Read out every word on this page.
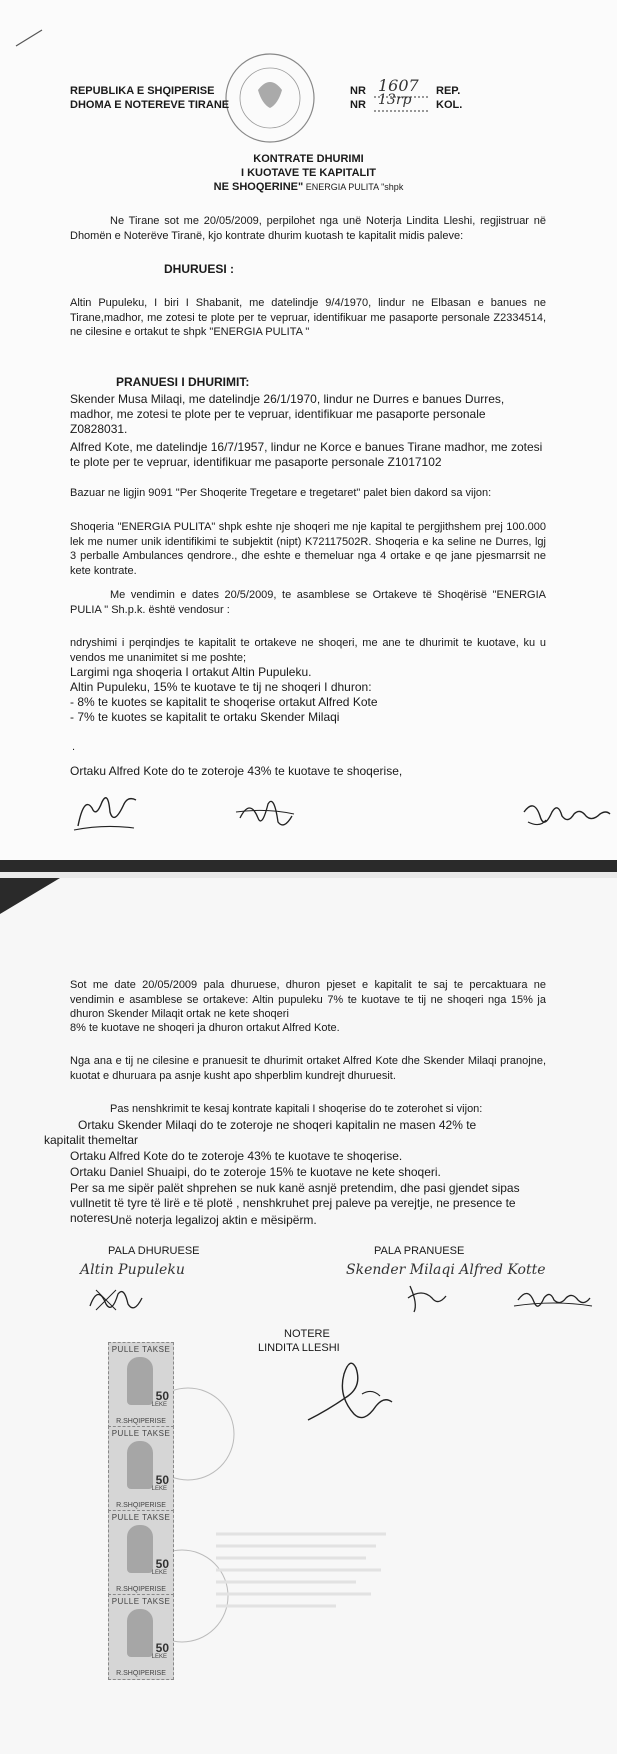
REPUBLIKA E SHQIPERISE
DHOMA E NOTEREVE TIRANE
NR 1607 REP.
NR 13rp KOL.
KONTRATE DHURIMI
I KUOTAVE TE KAPITALIT
NE SHOQERINE" ENERGIA PULITA "shpk
Ne Tirane sot me 20/05/2009, perpilohet nga unë Noterja Lindita Lleshi, regjistruar në Dhomën e Noterëve Tiranë, kjo kontrate dhurim kuotash te kapitalit midis paleve:
DHURUESI :
Altin Pupuleku, I biri I Shabanit, me datelindje 9/4/1970, lindur ne Elbasan e banues ne Tirane,madhor, me zotesi te plote per te vepruar, identifikuar me pasaporte personale Z2334514, ne cilesine e ortakut te shpk "ENERGIA PULITA "
PRANUESI I DHURIMIT:
Skender Musa Milaqi, me datelindje 26/1/1970, lindur ne Durres e banues Durres, madhor, me zotesi te plote per te vepruar, identifikuar me pasaporte personale Z0828031.
Alfred Kote, me datelindje 16/7/1957, lindur ne Korce e banues Tirane madhor, me zotesi te plote per te vepruar, identifikuar me pasaporte personale Z1017102
Bazuar ne ligjin 9091 "Per Shoqerite Tregetare e tregetaret" palet bien dakord sa vijon:
Shoqeria "ENERGIA PULITA" shpk eshte nje shoqeri me nje kapital te pergjithshem prej 100.000 lek me numer unik identifikimi te subjektit (nipt) K72117502R. Shoqeria e ka seline ne Durres, lgj 3 perballe Ambulances qendrore., dhe eshte e themeluar nga 4 ortake e qe jane pjesmarrsit ne kete kontrate.
Me vendimin e dates 20/5/2009, te asamblese se Ortakeve të Shoqërisë "ENERGIA PULIA " Sh.p.k. është vendosur :
ndryshimi i perqindjes te kapitalit te ortakeve ne shoqeri, me ane te dhurimit te kuotave, ku u vendos me unanimitet si me poshte;
Largimi nga shoqeria I ortakut Altin Pupuleku.
Altin Pupuleku, 15% te kuotave te tij ne shoqeri I dhuron:
- 8% te kuotes se kapitalit te shoqerise ortakut Alfred Kote
- 7% te kuotes se kapitalit te ortaku Skender Milaqi
.
Ortaku Alfred Kote do te zoteroje 43% te kuotave te shoqerise,
Sot me date 20/05/2009 pala dhuruese, dhuron pjeset e kapitalit te saj te percaktuara ne vendimin e asamblese se ortakeve: Altin pupuleku 7% te kuotave te tij ne shoqeri nga 15% ja dhuron Skender Milaqit ortak ne kete shoqeri
8% te kuotave ne shoqeri ja dhuron ortakut Alfred Kote.
Nga ana e tij ne cilesine e pranuesit te dhurimit ortaket Alfred Kote dhe Skender Milaqi pranojne, kuotat e dhuruara pa asnje kusht apo shperblim kundrejt dhuruesit.
Pas nenshkrimit te kesaj kontrate kapitali I shoqerise do te zoterohet si vijon:
Ortaku Skender Milaqi do te zoteroje ne shoqeri kapitalin ne masen 42% te
kapitalit themeltar
Ortaku Alfred Kote do te zoteroje 43% te kuotave te shoqerise.
Ortaku Daniel Shuaipi, do te zoteroje 15% te kuotave ne kete shoqeri.
Per sa me sipër palët shprehen se nuk kanë asnjë pretendim, dhe pasi gjendet sipas vullnetit të tyre të lirë e të plotë , nenshkruhet prej paleve pa verejtje, ne presence te noteres.
Unë noterja legalizoj aktin e mësipërm.
PALA DHURUESE	PALA PRANUESE
Altin Pupuleku	Skender Milaqi Alfred Kotte
NOTERE
LINDITA LLESHI
PULLE TAKSE
50
LEKE
R.SHQIPERISE
PULLE TAKSE
50
LEKE
R.SHQIPERISE
PULLE TAKSE
50
LEKE
R.SHQIPERISE
PULLE TAKSE
50
LEKE
R.SHQIPERISE
